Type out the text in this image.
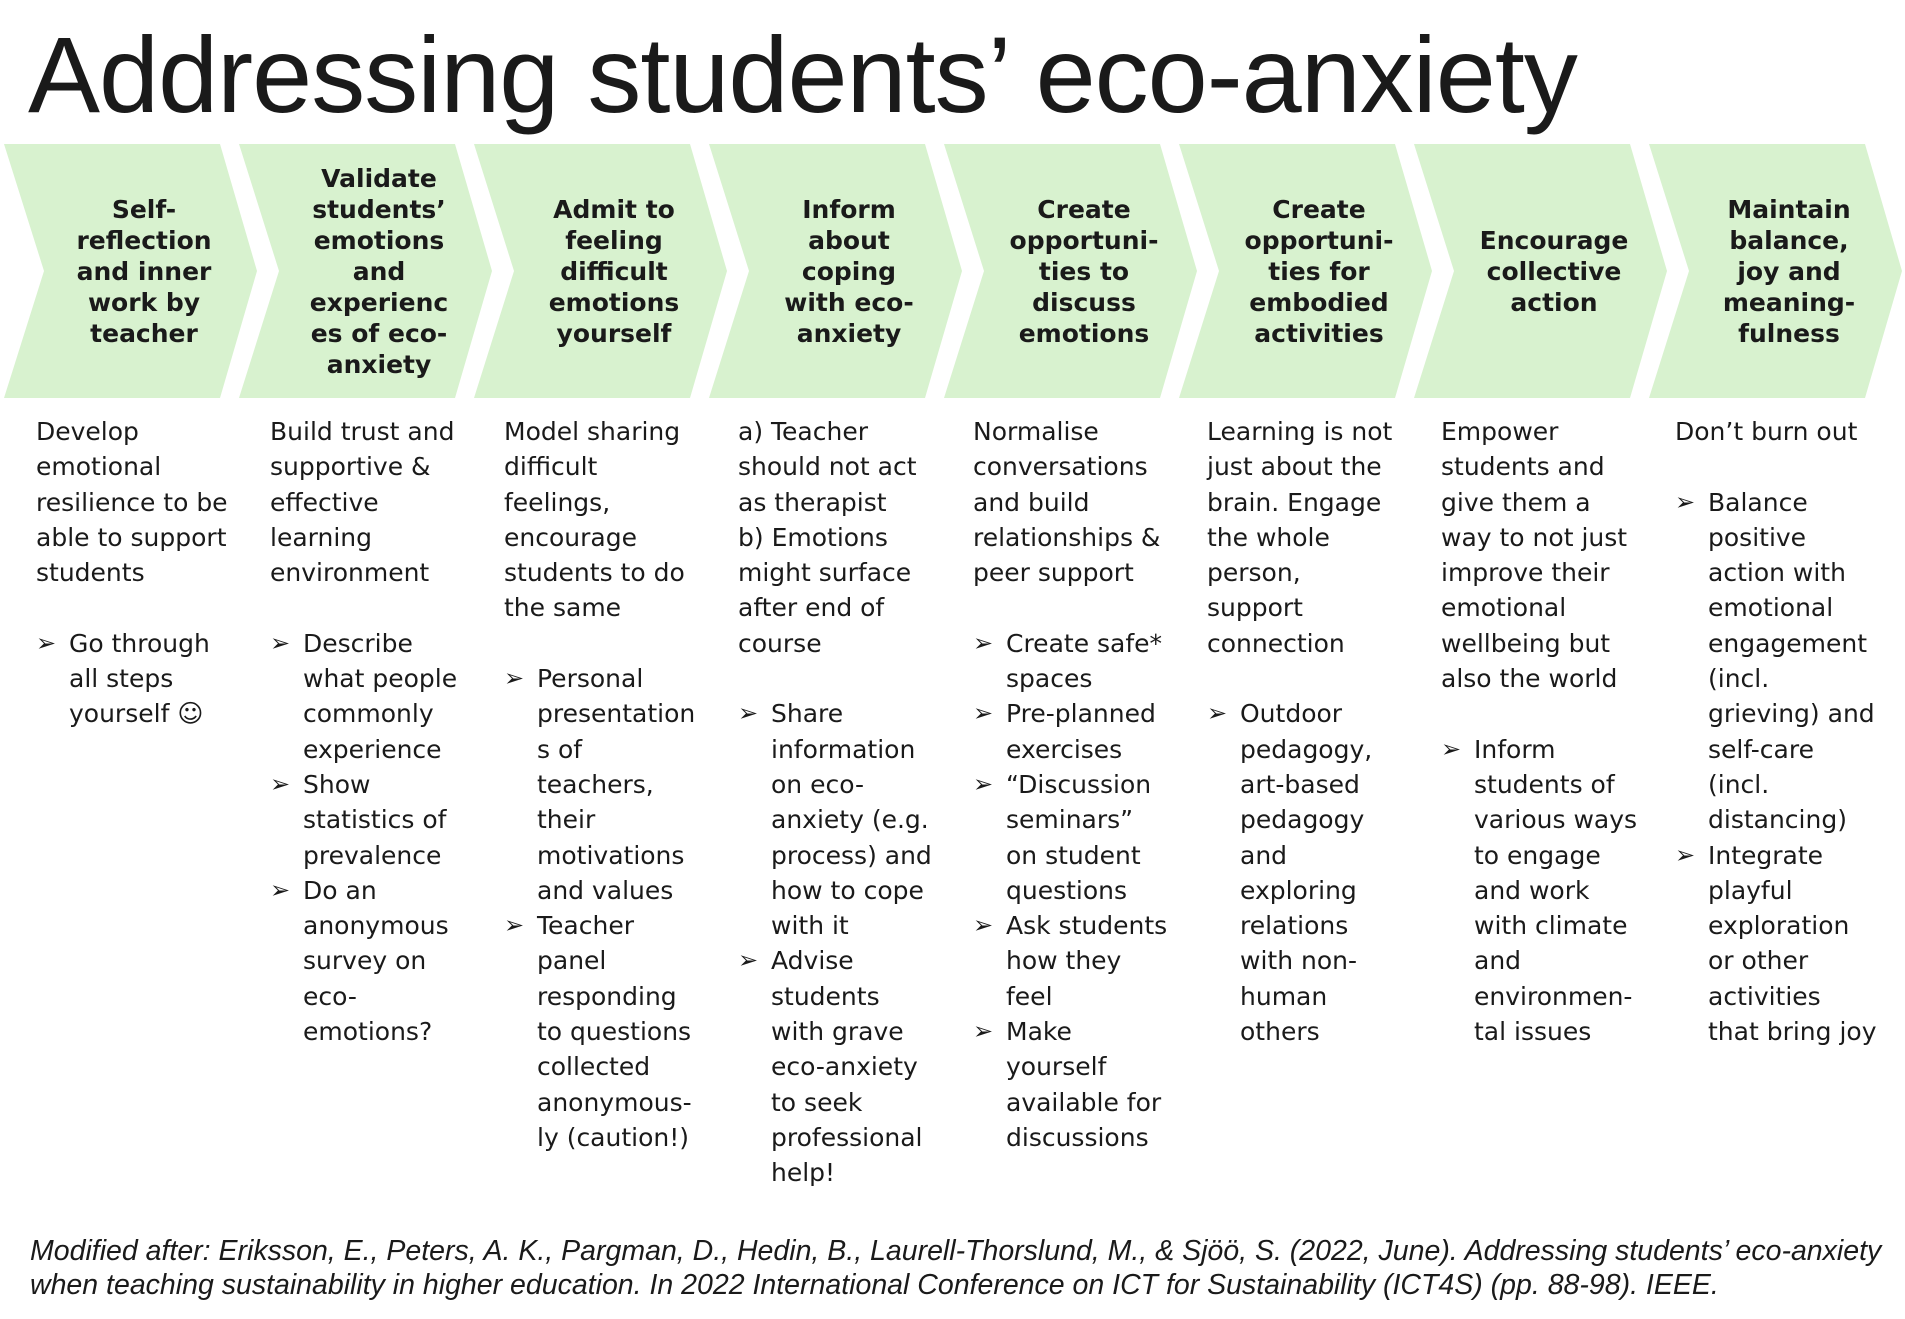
Addressing students’ eco-anxiety
Self-
reflection
and inner
work by
teacher
Validate
students’
emotions
and
experienc
es of eco-
anxiety
Admit to
feeling
difficult
emotions
yourself
Inform
about
coping
with eco-
anxiety
Create
opportuni-
ties to
discuss
emotions
Create
opportuni-
ties for
embodied
activities
Encourage
collective
action
Maintain
balance,
joy and
meaning-
fulness
Develop
emotional
resilience to be
able to support
students
➢ Go through
all steps
yourself ☺
Build trust and
supportive &
effective
learning
environment
➢ Describe
what people
commonly
experience
➢ Show
statistics of
prevalence
➢ Do an
anonymous
survey on
eco-
emotions?
Model sharing
difficult
feelings,
encourage
students to do
the same
➢ Personal
presentation
s of
teachers,
their
motivations
and values
➢ Teacher
panel
responding
to questions
collected
anonymous-
ly (caution!)
a) Teacher
should not act
as therapist
b) Emotions
might surface
after end of
course
➢ Share
information
on eco-
anxiety (e.g.
process) and
how to cope
with it
➢ Advise
students
with grave
eco-anxiety
to seek
professional
help!
Normalise
conversations
and build
relationships &
peer support
➢ Create safe*
spaces
➢ Pre-planned
exercises
➢ “Discussion
seminars”
on student
questions
➢ Ask students
how they
feel
➢ Make
yourself
available for
discussions
Learning is not
just about the
brain. Engage
the whole
person,
support
connection
➢ Outdoor
pedagogy,
art-based
pedagogy
and
exploring
relations
with non-
human
others
Empower
students and
give them a
way to not just
improve their
emotional
wellbeing but
also the world
➢ Inform
students of
various ways
to engage
and work
with climate
and
environmen-
tal issues
Don’t burn out
➢ Balance
positive
action with
emotional
engagement
(incl.
grieving) and
self-care
(incl.
distancing)
➢ Integrate
playful
exploration
or other
activities
that bring joy
Modified after: Eriksson, E., Peters, A. K., Pargman, D., Hedin, B., Laurell-Thorslund, M., & Sjöö, S. (2022, June). Addressing students’ eco-anxiety when teaching sustainability in higher education. In 2022 International Conference on ICT for Sustainability (ICT4S) (pp. 88-98). IEEE.
